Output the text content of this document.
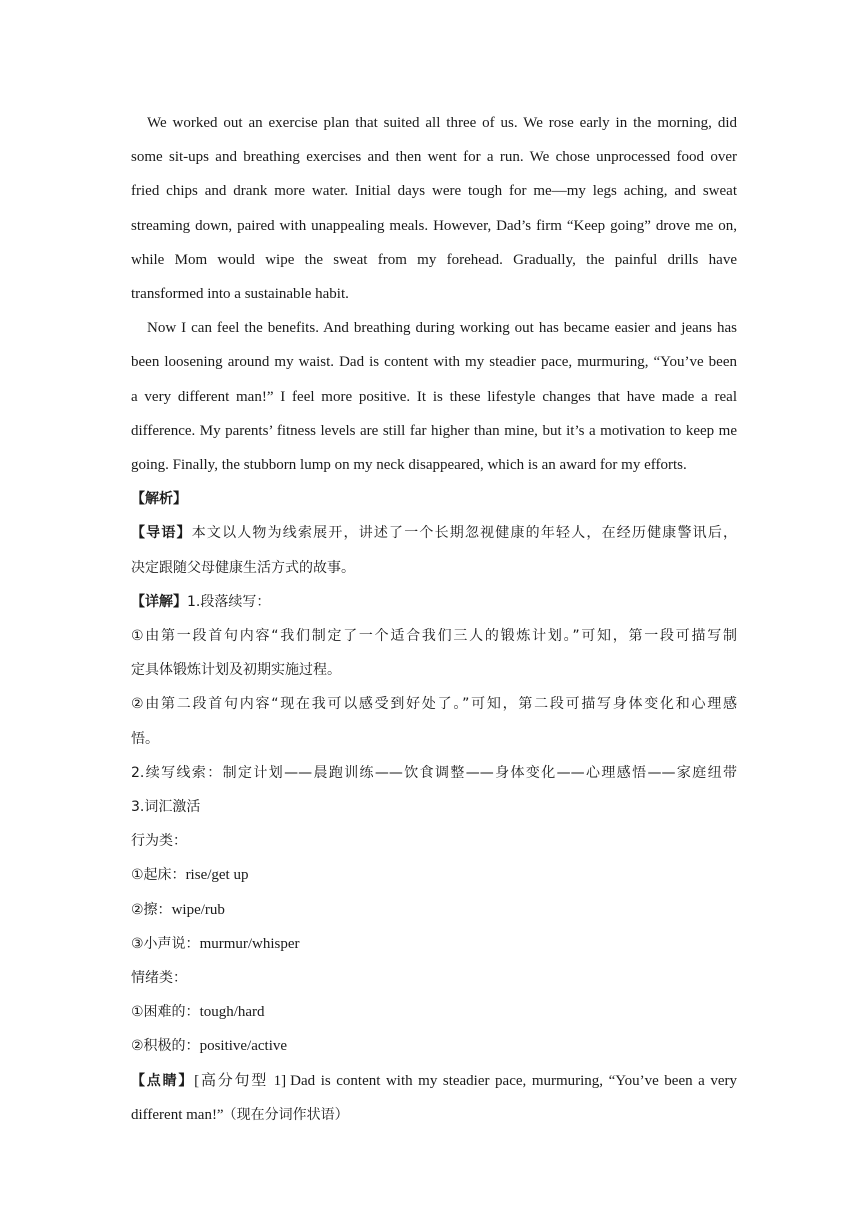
We worked out an exercise plan that suited all three of us. We rose early in the morning, did
some sit-ups and breathing exercises and then went for a run. We chose unprocessed food over
fried chips and drank more water. Initial days were tough for me—my legs aching, and sweat
streaming down, paired with unappealing meals. However, Dad’s firm “Keep going” drove me on,
while Mom would wipe the sweat from my forehead. Gradually, the painful drills have
transformed into a sustainable habit.

Now I can feel the benefits. And breathing during working out has became easier and jeans has
been loosening around my waist. Dad is content with my steadier pace, murmuring, “You’ve been
a very different man!” I feel more positive. It is these lifestyle changes that have made a real
difference. My parents’ fitness levels are still far higher than mine, but it’s a motivation to keep me
going. Finally, the stubborn lump on my neck disappeared, which is an award for my efforts.

【解析】

【导语】本文以人物为线索展开，讲述了一个长期忽视健康的年轻人，在经历健康警讯后，
决定跟随父母健康生活方式的故事。

【详解】1.段落续写：
①由第一段首句内容“我们制定了一个适合我们三人的锻炼计划。”可知，第一段可描写制
定具体锻炼计划及初期实施过程。
②由第二段首句内容“现在我可以感受到好处了。”可知，第二段可描写身体变化和心理感
悟。
2.续写线索：制定计划——晨跑训练——饮食调整——身体变化——心理感悟——家庭纽带
3.词汇激活
行为类：
①起床：rise/get up
②擦：wipe/rub
③小声说：murmur/whisper
情绪类：
①困难的：tough/hard
②积极的：positive/active
【点睛】[高分句型 1] Dad is content with my steadier pace, murmuring, “You’ve been a very
different man!” （现在分词作状语）
